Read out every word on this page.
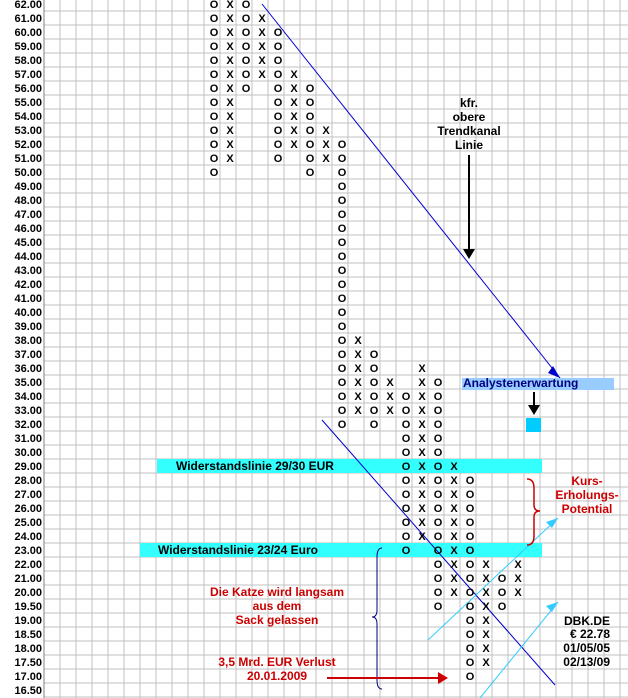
62.00
61.00
60.00
59.00
58.00
57.00
56.00
55.00
54.00
53.00
52.00
51.00
50.00
49.00
48.00
47.00
46.00
45.00
44.00
43.00
42.00
41.00
40.00
39.00
38.00
37.00
36.00
35.00
34.00
33.00
32.00
31.00
30.00
29.00
28.00
27.00
26.00
25.00
24.00
23.00
22.00
21.00
20.00
19.50
19.00
18.50
18.00
17.50
17.00
16.50
O
O
O
O
O
O
O
O
O
O
O
O
O
X
X
X
X
X
X
X
X
X
X
X
X
O
O
O
O
O
O
O
X
X
X
X
X
O
O
O
O
O
O
O
O
O
O
X
X
X
X
X
X
O
O
O
O
O
O
O
X
X
X
O
O
O
O
O
O
O
O
O
O
O
O
O
O
O
O
O
O
O
O
O
X
X
X
X
X
X
O
O
O
O
O
O
X
X
X
O
O
O
O
O
O
O
O
O
O
O
O
X
X
X
X
X
X
X
X
X
X
X
X
X
O
O
O
O
O
O
O
O
O
O
O
O
O
O
O
O
O
X
X
X
X
X
X
X
X
X
X
O
O
O
O
O
O
O
O
O
O
O
O
O
O
O
X
X
X
X
X
X
X
X
O
O
O
X
X
X
Widerstandslinie 29/30 EUR
Widerstandslinie 23/24 Euro
Analystenerwartung
kfr.
obere
Trendkanal
Linie
Kurs-
Erholungs-
Potential
Die Katze wird langsam
aus dem
Sack gelassen
3,5 Mrd. EUR Verlust
20.01.2009
DBK.DE
€ 22.78
01/05/05
02/13/09
